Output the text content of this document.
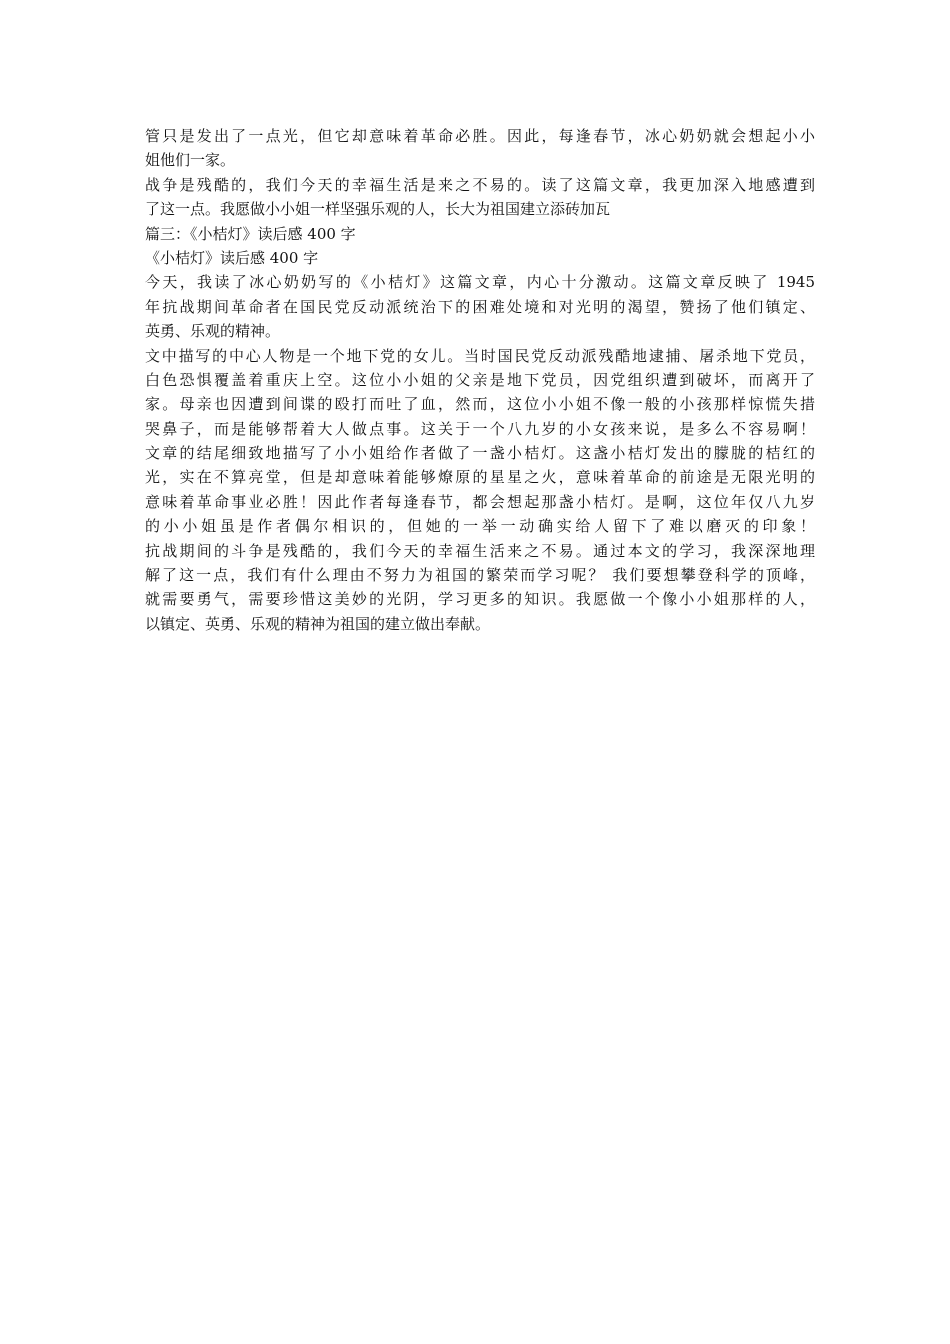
管只是发出了一点光，但它却意味着革命必胜。因此，每逢春节，冰心奶奶就会想起小小
姐他们一家。
战争是残酷的，我们今天的幸福生活是来之不易的。读了这篇文章，我更加深入地感遭到
了这一点。我愿做小小姐一样坚强乐观的人，长大为祖国建立添砖加瓦
篇三：《小桔灯》读后感 400 字
《小桔灯》读后感 400 字
今天，我读了冰心奶奶写的《小桔灯》这篇文章，内心十分激动。这篇文章反映了 1945
年抗战期间革命者在国民党反动派统治下的困难处境和对光明的渴望，赞扬了他们镇定、
英勇、乐观的精神。
文中描写的中心人物是一个地下党的女儿。当时国民党反动派残酷地逮捕、屠杀地下党员，
白色恐惧覆盖着重庆上空。这位小小姐的父亲是地下党员，因党组织遭到破坏，而离开了
家。母亲也因遭到间谍的殴打而吐了血，然而，这位小小姐不像一般的小孩那样惊慌失措
哭鼻子，而是能够帮着大人做点事。这关于一个八九岁的小女孩来说，是多么不容易啊！
文章的结尾细致地描写了小小姐给作者做了一盏小桔灯。这盏小桔灯发出的朦胧的桔红的
光，实在不算亮堂，但是却意味着能够燎原的星星之火，意味着革命的前途是无限光明的
意味着革命事业必胜！因此作者每逢春节，都会想起那盏小桔灯。是啊，这位年仅八九岁
的小小姐虽是作者偶尔相识的，但她的一举一动确实给人留下了难以磨灭的印象！
抗战期间的斗争是残酷的，我们今天的幸福生活来之不易。通过本文的学习，我深深地理
解了这一点，我们有什么理由不努力为祖国的繁荣而学习呢？ 我们要想攀登科学的顶峰，
就需要勇气，需要珍惜这美妙的光阴，学习更多的知识。我愿做一个像小小姐那样的人，
以镇定、英勇、乐观的精神为祖国的建立做出奉献。
